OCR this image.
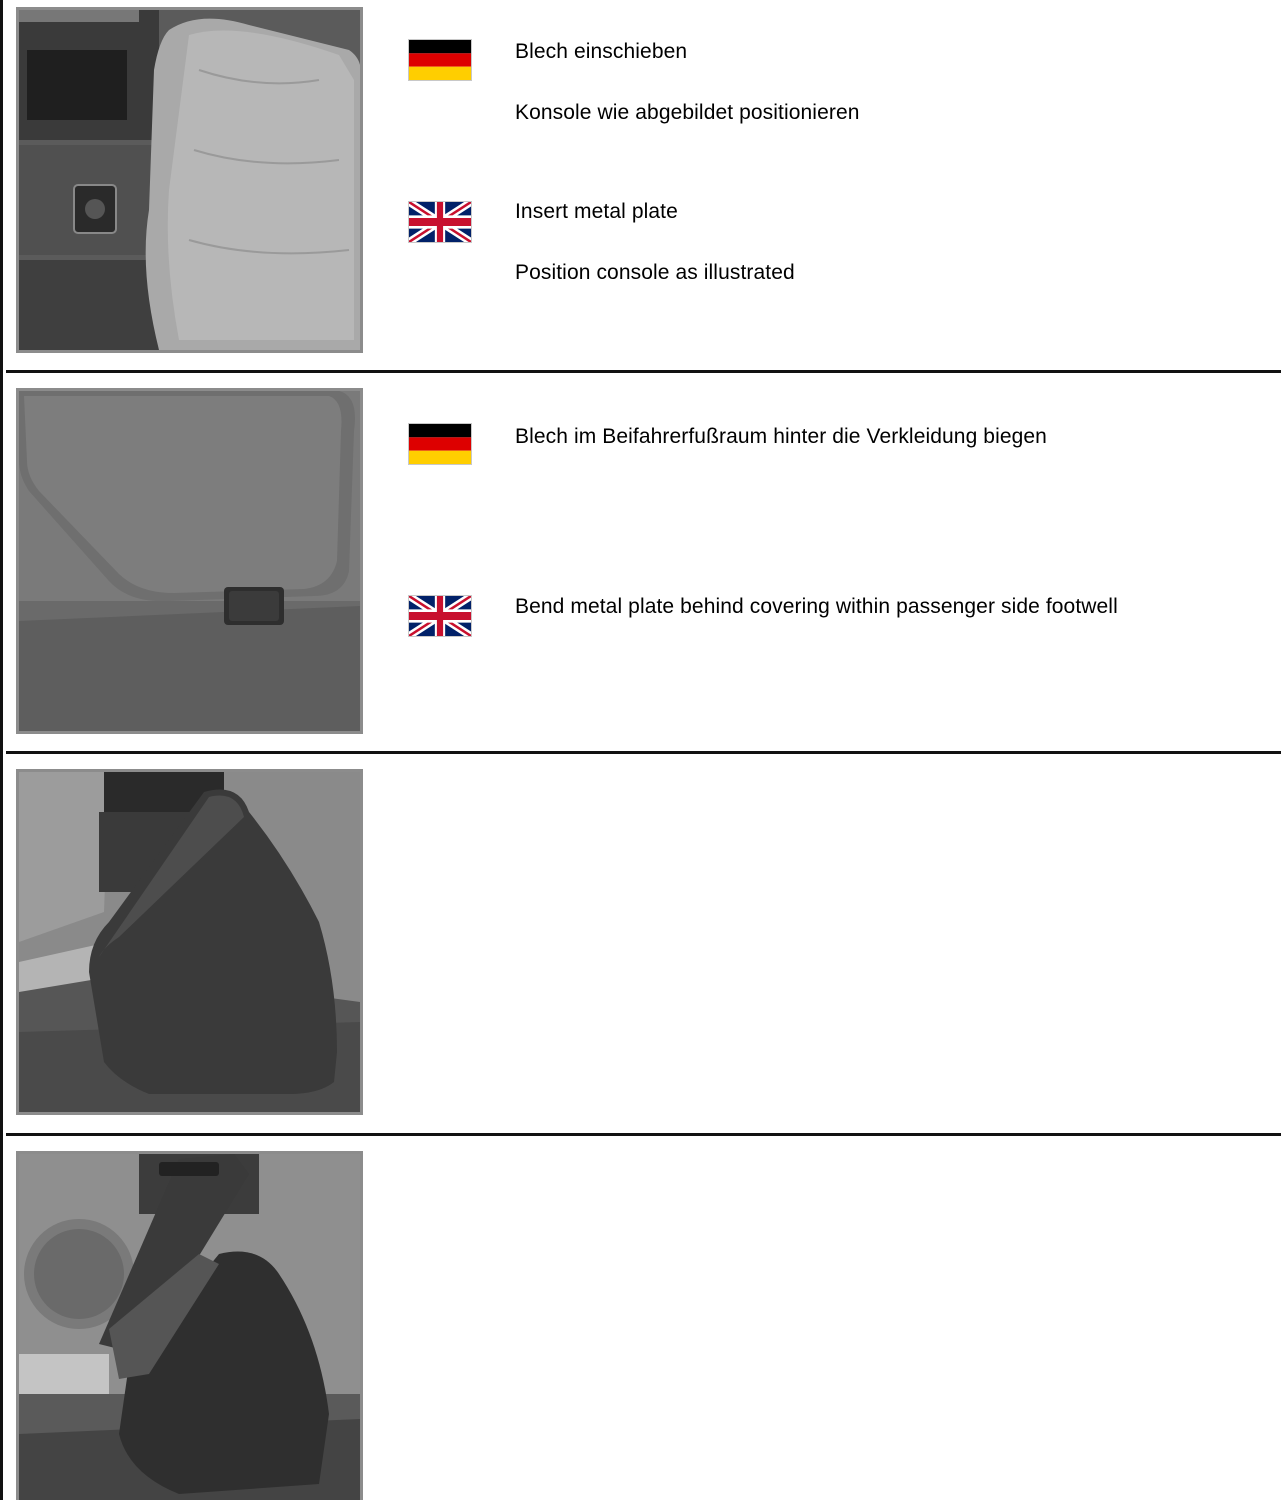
Blech einschieben
Konsole wie abgebildet positionieren
Insert metal plate
Position console as illustrated
Blech im Beifahrerfußraum hinter die Verkleidung biegen
Bend metal plate behind covering within passenger side footwell
